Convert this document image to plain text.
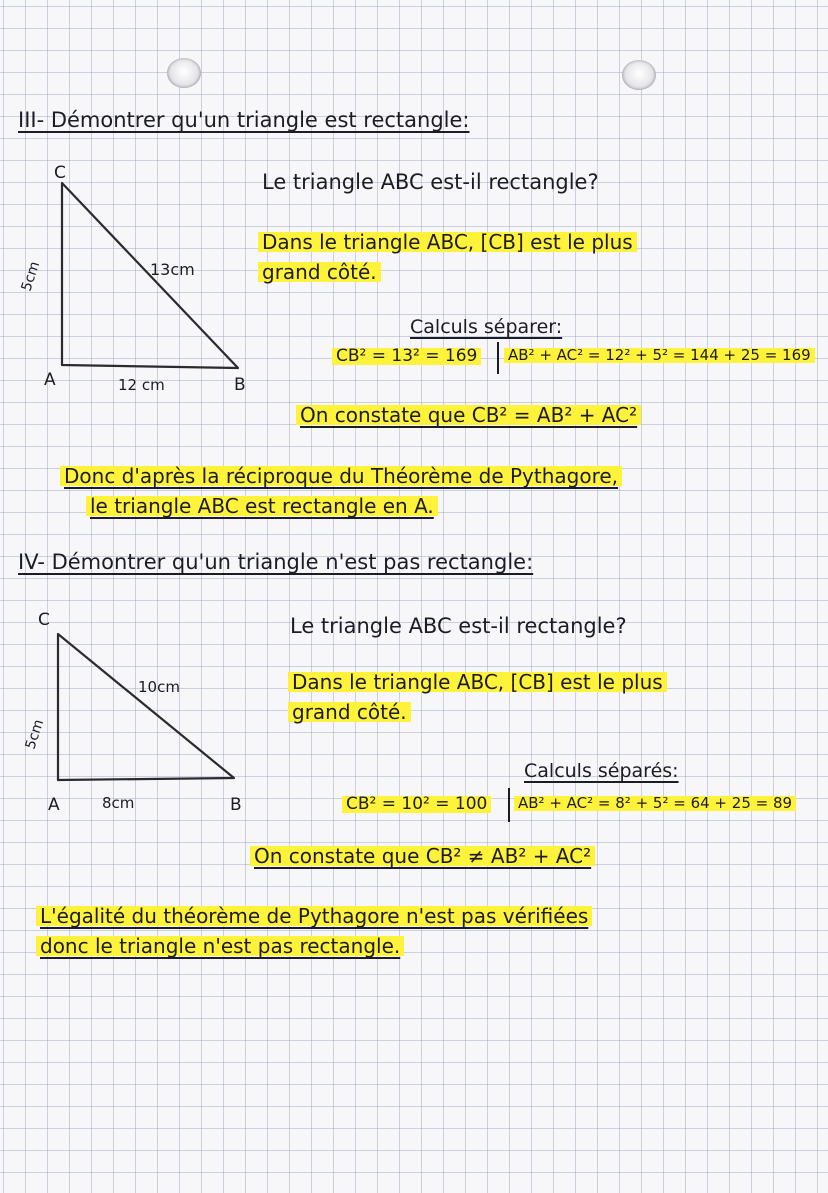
III- Démontrer qu'un triangle est rectangle:
C
A	B
13cm
12 cm
5cm
Le triangle ABC est-il rectangle?
Dans le triangle ABC, [CB] est le plus
grand côté.
Calculs séparer:
CB² = 13² = 169 AB² + AC² = 12² + 5² = 144 + 25 = 169
On constate que CB² = AB² + AC²
Donc d'après la réciproque du Théorème de Pythagore,
le triangle ABC est rectangle en A.
IV- Démontrer qu'un triangle n'est pas rectangle:
C
A	B
10cm
8cm
5cm
Le triangle ABC est-il rectangle?
Dans le triangle ABC, [CB] est le plus
grand côté.
Calculs séparés:
CB² = 10² = 100 AB² + AC² = 8² + 5² = 64 + 25 = 89
On constate que CB² ≠ AB² + AC²
L'égalité du théorème de Pythagore n'est pas vérifiées
donc le triangle n'est pas rectangle.
